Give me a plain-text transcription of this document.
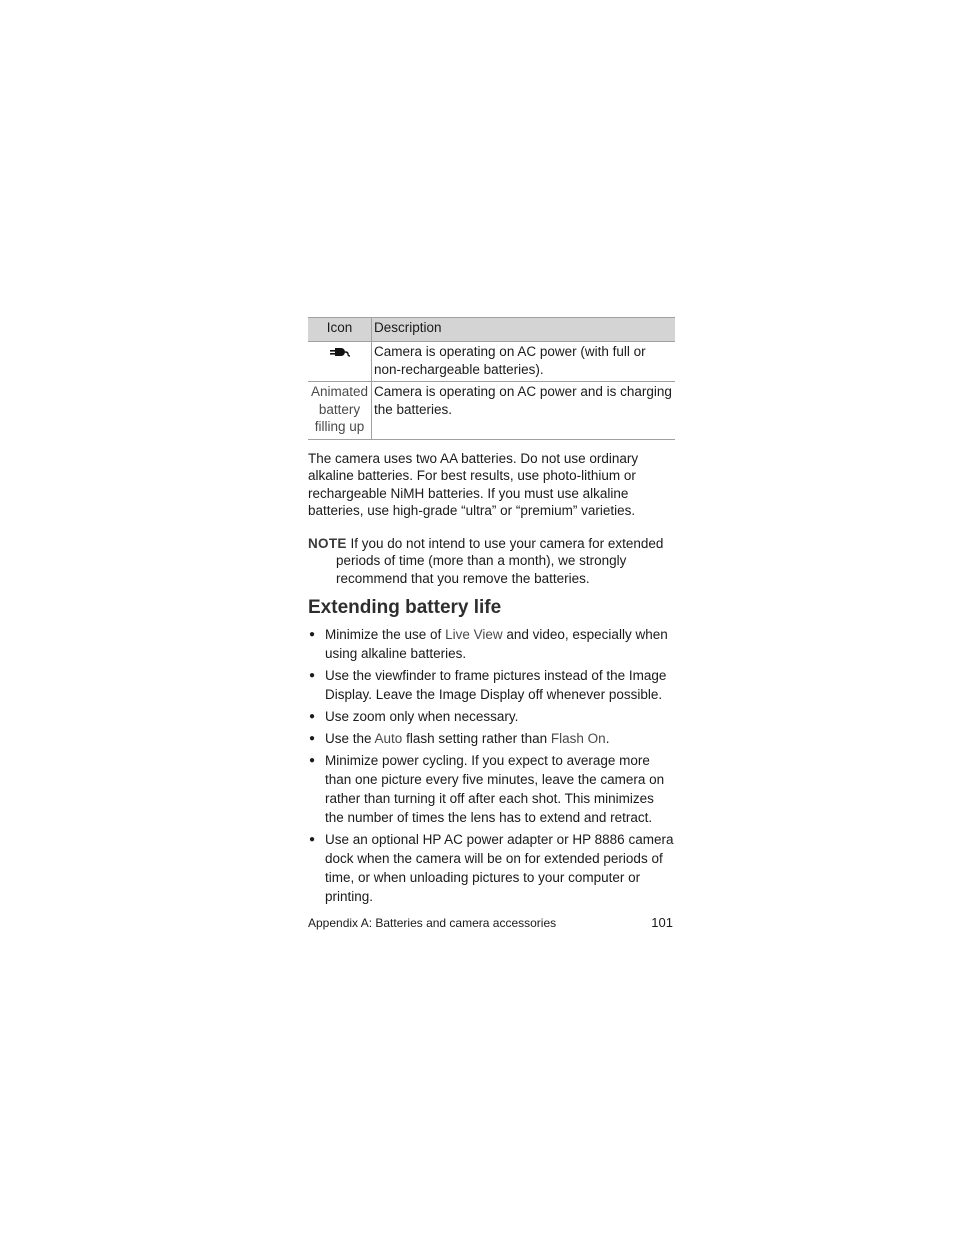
Icon	Description
	Camera is operating on AC power (with full or non-rechargeable batteries).
Animated battery filling up	Camera is operating on AC power and is charging the batteries.

The camera uses two AA batteries. Do not use ordinary alkaline batteries. For best results, use photo-lithium or rechargeable NiMH batteries. If you must use alkaline batteries, use high-grade “ultra” or “premium” varieties.

NOTE If you do not intend to use your camera for extended periods of time (more than a month), we strongly recommend that you remove the batteries.

Extending battery life
● Minimize the use of Live View and video, especially when using alkaline batteries.
● Use the viewfinder to frame pictures instead of the Image Display. Leave the Image Display off whenever possible.
● Use zoom only when necessary.
● Use the Auto flash setting rather than Flash On.
● Minimize power cycling. If you expect to average more than one picture every five minutes, leave the camera on rather than turning it off after each shot. This minimizes the number of times the lens has to extend and retract.
● Use an optional HP AC power adapter or HP 8886 camera dock when the camera will be on for extended periods of time, or when unloading pictures to your computer or printing.
Appendix A: Batteries and camera accessories	101
